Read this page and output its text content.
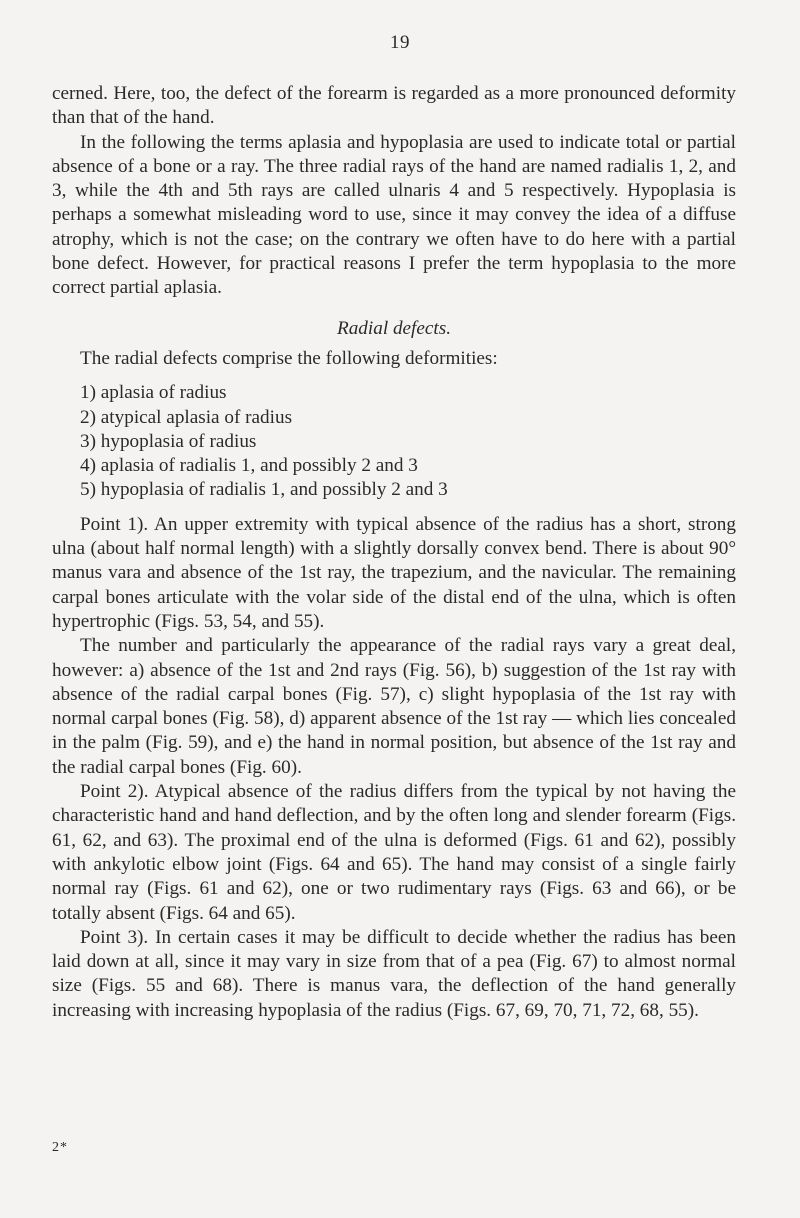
19

cerned. Here, too, the defect of the forearm is regarded as a more pronounced deformity than that of the hand.

In the following the terms aplasia and hypoplasia are used to indicate total or partial absence of a bone or a ray. The three radial rays of the hand are named radialis 1, 2, and 3, while the 4th and 5th rays are called ulnaris 4 and 5 respectively. Hypoplasia is perhaps a somewhat misleading word to use, since it may convey the idea of a diffuse atrophy, which is not the case; on the contrary we often have to do here with a partial bone defect. However, for practical reasons I prefer the term hypoplasia to the more correct partial aplasia.

Radial defects.

The radial defects comprise the following deformities:

1) aplasia of radius
2) atypical aplasia of radius
3) hypoplasia of radius
4) aplasia of radialis 1, and possibly 2 and 3
5) hypoplasia of radialis 1, and possibly 2 and 3

Point 1). An upper extremity with typical absence of the radius has a short, strong ulna (about half normal length) with a slightly dorsally convex bend. There is about 90° manus vara and absence of the 1st ray, the trapezium, and the navicular. The remaining carpal bones articulate with the volar side of the distal end of the ulna, which is often hypertrophic (Figs. 53, 54, and 55).

The number and particularly the appearance of the radial rays vary a great deal, however: a) absence of the 1st and 2nd rays (Fig. 56), b) suggestion of the 1st ray with absence of the radial carpal bones (Fig. 57), c) slight hypoplasia of the 1st ray with normal carpal bones (Fig. 58), d) apparent absence of the 1st ray — which lies concealed in the palm (Fig. 59), and e) the hand in normal position, but absence of the 1st ray and the radial carpal bones (Fig. 60).

Point 2). Atypical absence of the radius differs from the typical by not having the characteristic hand and hand deflection, and by the often long and slender forearm (Figs. 61, 62, and 63). The proximal end of the ulna is deformed (Figs. 61 and 62), possibly with ankylotic elbow joint (Figs. 64 and 65). The hand may consist of a single fairly normal ray (Figs. 61 and 62), one or two rudimentary rays (Figs. 63 and 66), or be totally absent (Figs. 64 and 65).

Point 3). In certain cases it may be difficult to decide whether the radius has been laid down at all, since it may vary in size from that of a pea (Fig. 67) to almost normal size (Figs. 55 and 68). There is manus vara, the deflection of the hand generally increasing with increasing hypoplasia of the radius (Figs. 67, 69, 70, 71, 72, 68, 55).

2*
